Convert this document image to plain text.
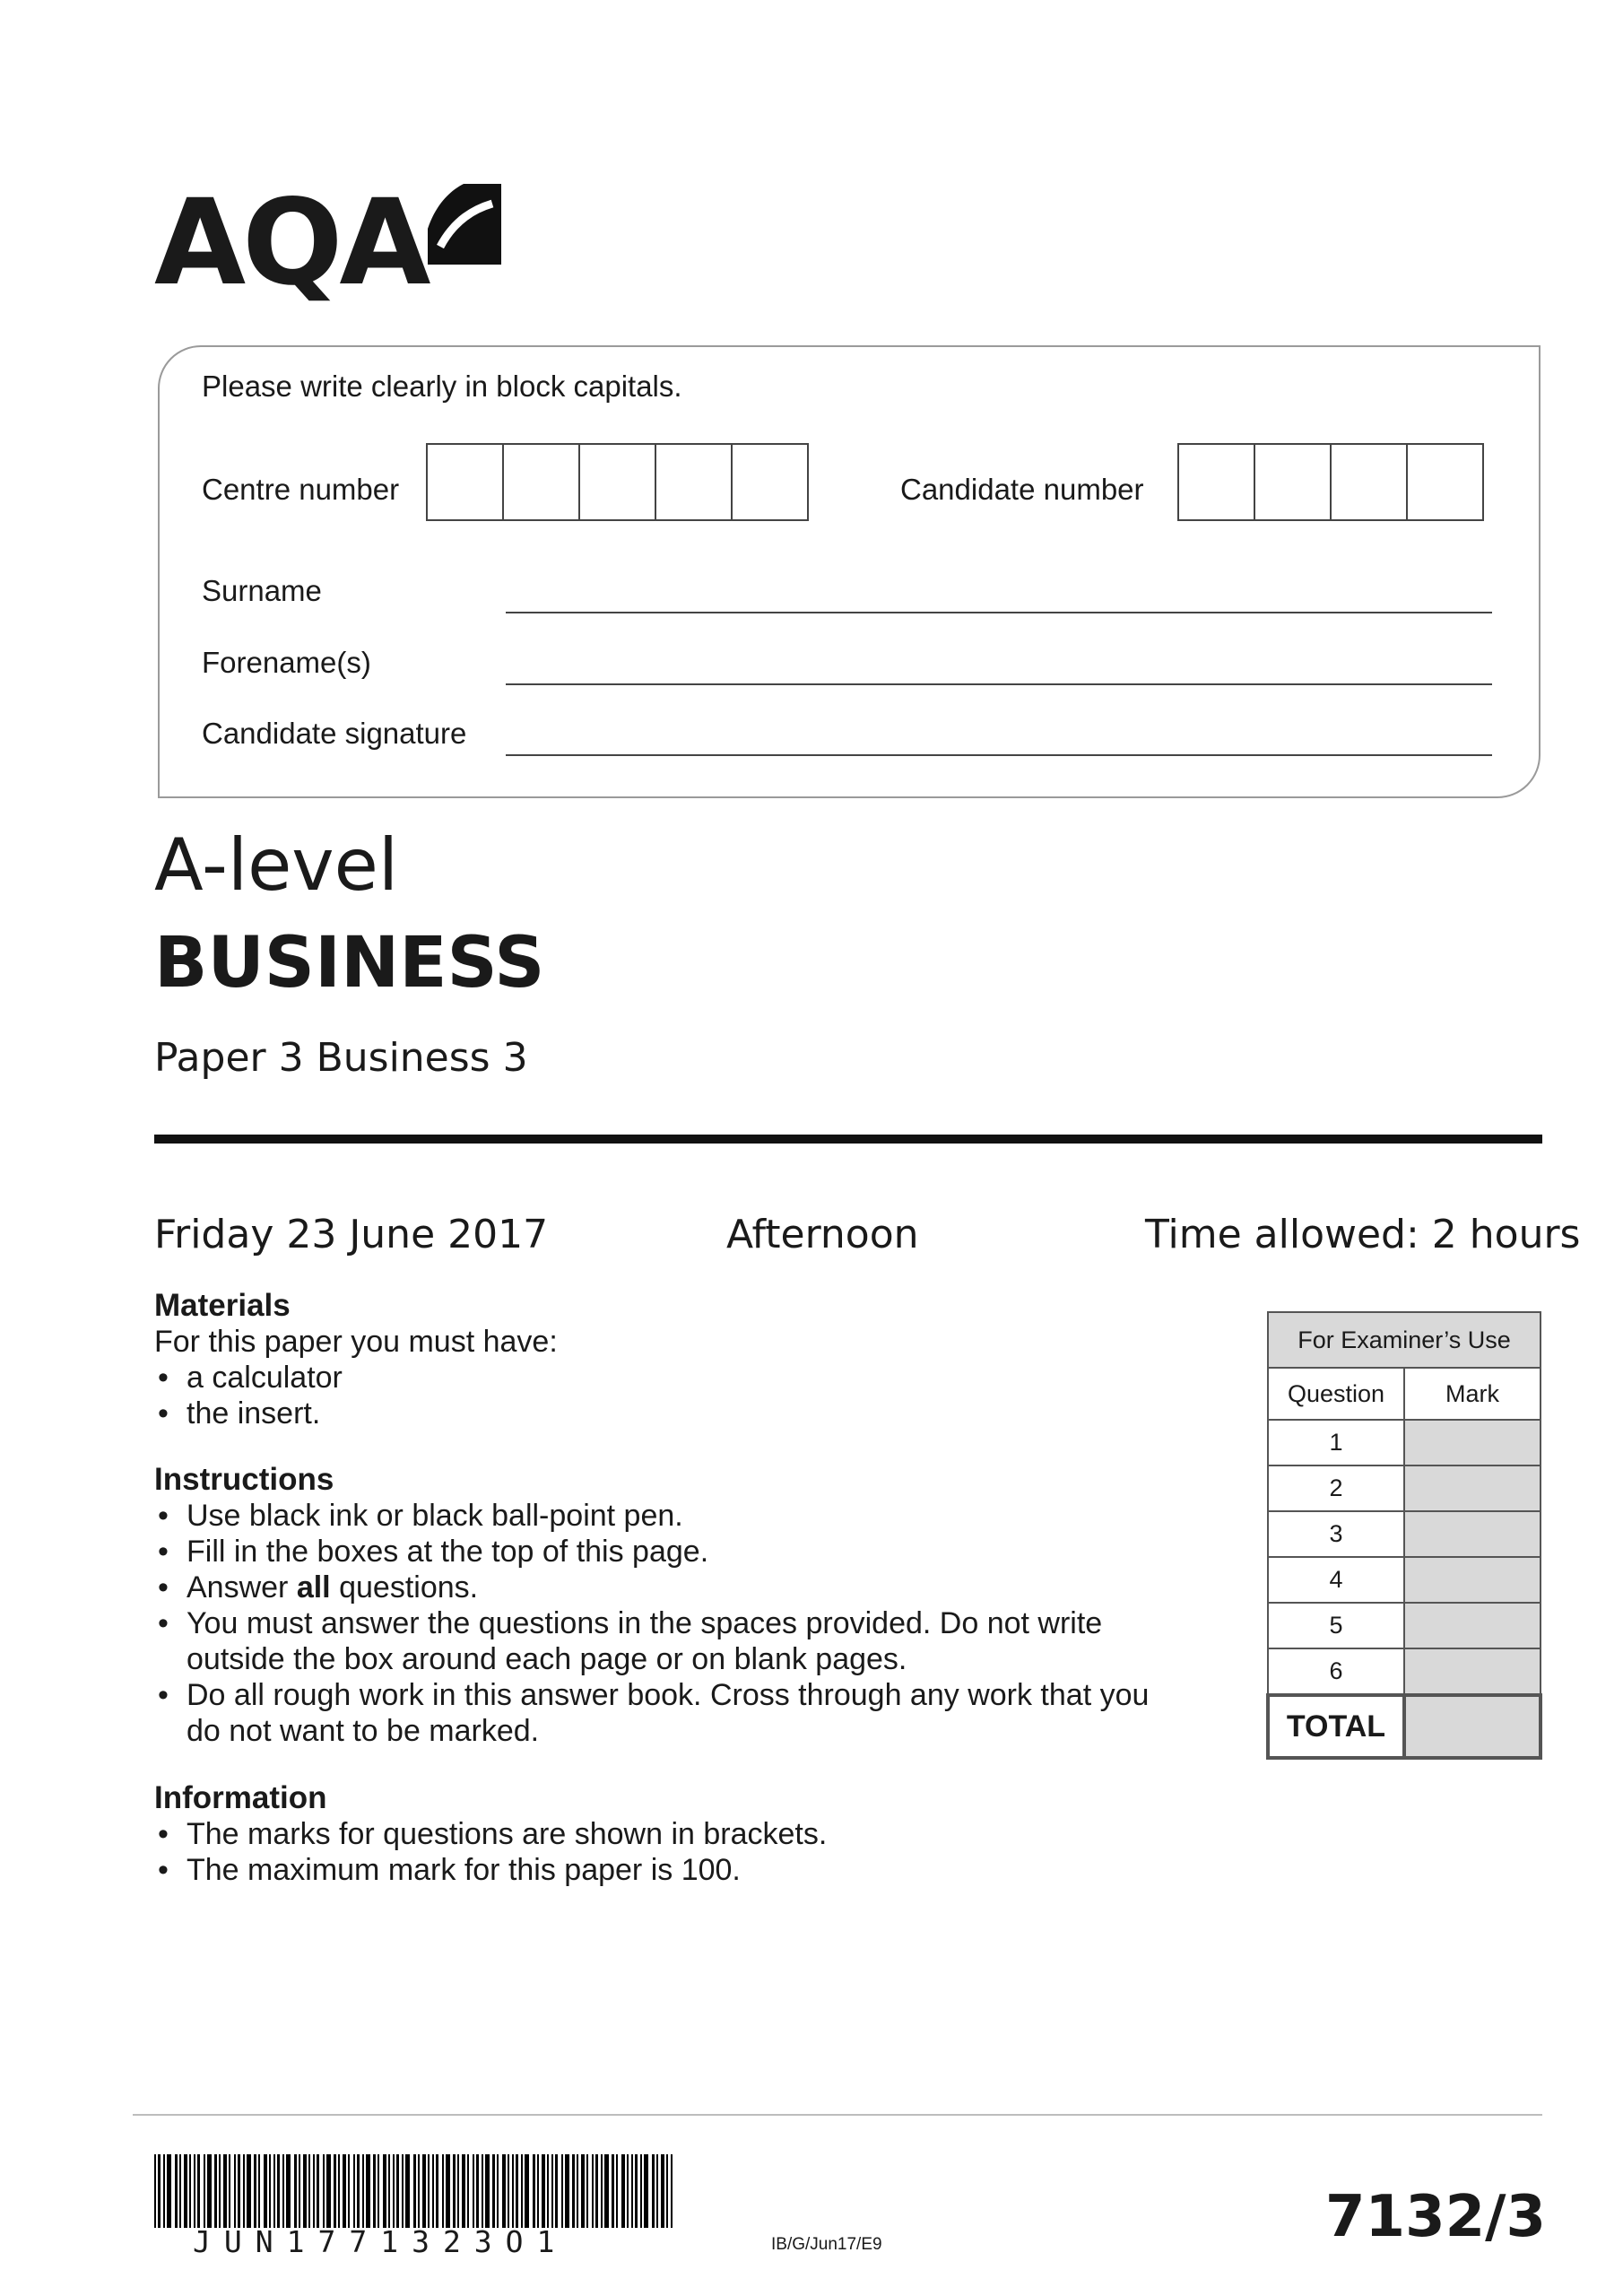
AQA
Please write clearly in block capitals.
Centre number	Candidate number
Surname
Forename(s)
Candidate signature
A-level
BUSINESS
Paper 3 Business 3
Friday 23 June 2017	Afternoon	Time allowed: 2 hours
Materials

For this paper you must have:

• a calculator
• the insert.
Instructions
• Use black ink or black ball-point pen.
• Fill in the boxes at the top of this page.
• Answer all questions.
• You must answer the questions in the spaces provided. Do not write outside the box around each page or on blank pages.
• Do all rough work in this answer book. Cross through any work that you do not want to be marked.
Information
• The marks for questions are shown in brackets.
• The maximum mark for this paper is 100.
For Examiner’s Use	
Question	Mark
1	
2	
3	
4	
5	
6	
TOTAL	
JUN1771323O1	IB/G/Jun17/E9	7132/3
